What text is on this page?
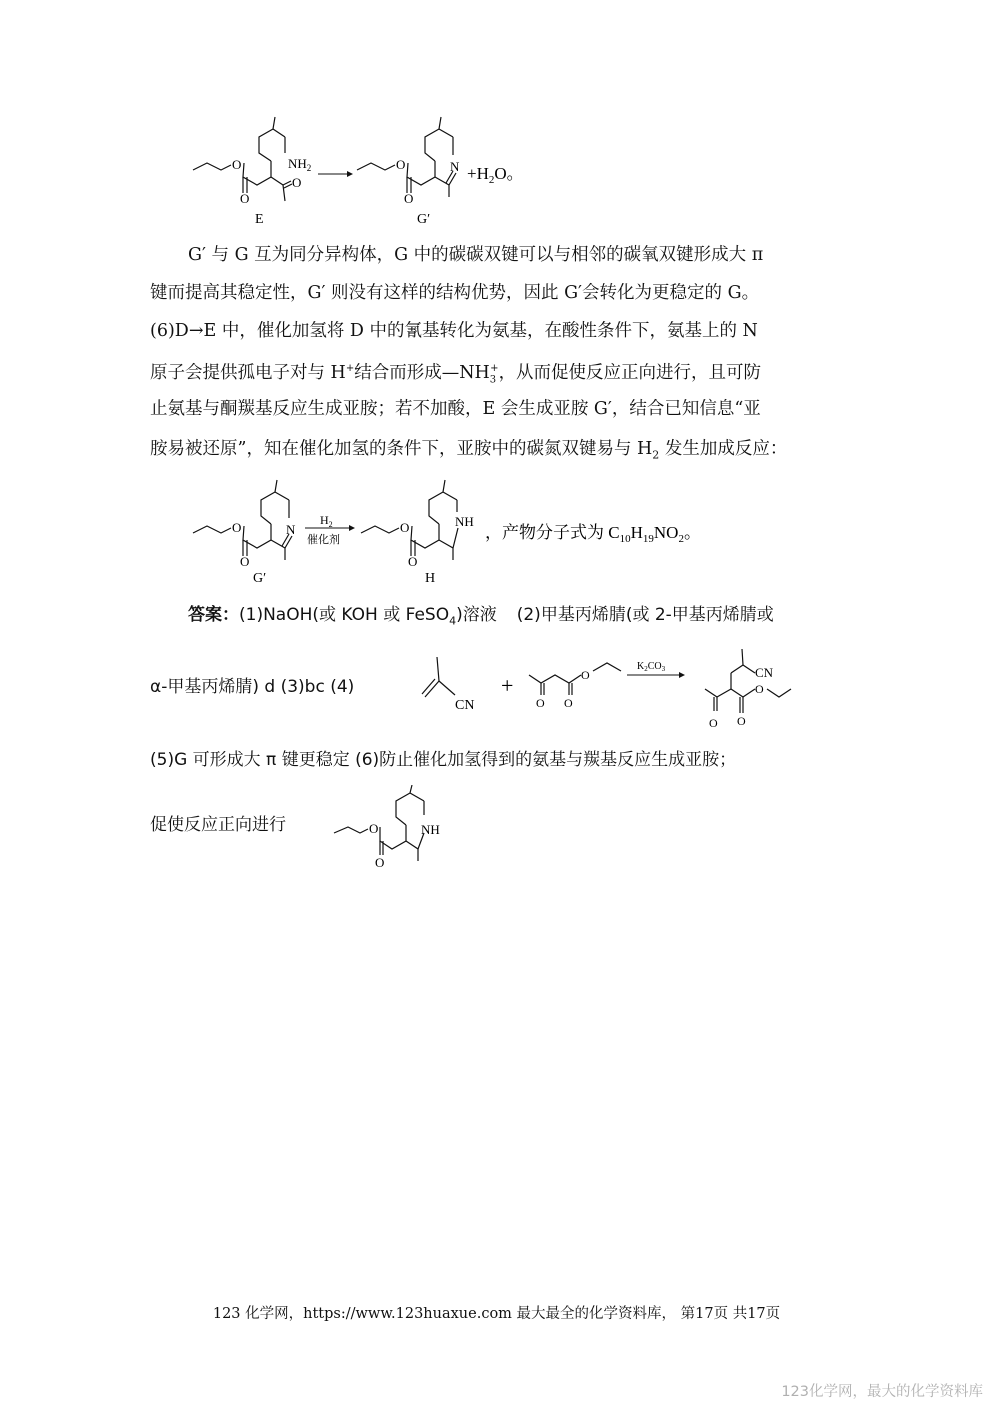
O
O
$NH_2$
O
E
O
O
$N +H_2O$。
G′
G′ 与 G 互为同分异构体，G 中的碳碳双键可以与相邻的碳氧双键形成大 π
键而提高其稳定性，G′ 则没有这样的结构优势，因此 G′会转化为更稳定的 G。
(6)D→E 中，催化加氢将 D 中的氰基转化为氨基，在酸性条件下，氨基上的 N
原子会提供孤电子对与 H+结合而形成$—NH_3^+$，从而促使反应正向进行，且可防
止氨基与酮羰基反应生成亚胺；若不加酸，E 会生成亚胺 G′，结合已知信息“亚
胺易被还原”，知在催化加氢的条件下，亚胺中的碳氮双键易与 $H_2$ 发生加成反应：
O
O
N
G′
$H_2$
催化剂
O
O
NH
H
，产物分子式为 $C_{10}H_{19}NO_2$。
答案：(1)NaOH(或 KOH 或 FeSO$_4$)溶液 (2)甲基丙烯腈(或 2-甲基丙烯腈或
α-甲基丙烯腈) d (3)bc (4)
CN
+
O O
O
$K_2CO_3$	CN
O O
O
(5)G 可形成大 π 键更稳定 (6)防止催化加氢得到的氨基与羰基反应生成亚胺；
促使反应正向进行	O
O
NH
123 化学网，https://www.123huaxue.com 最大最全的化学资料库， 第17页 共17页
123化学网，最大的化学资料库
